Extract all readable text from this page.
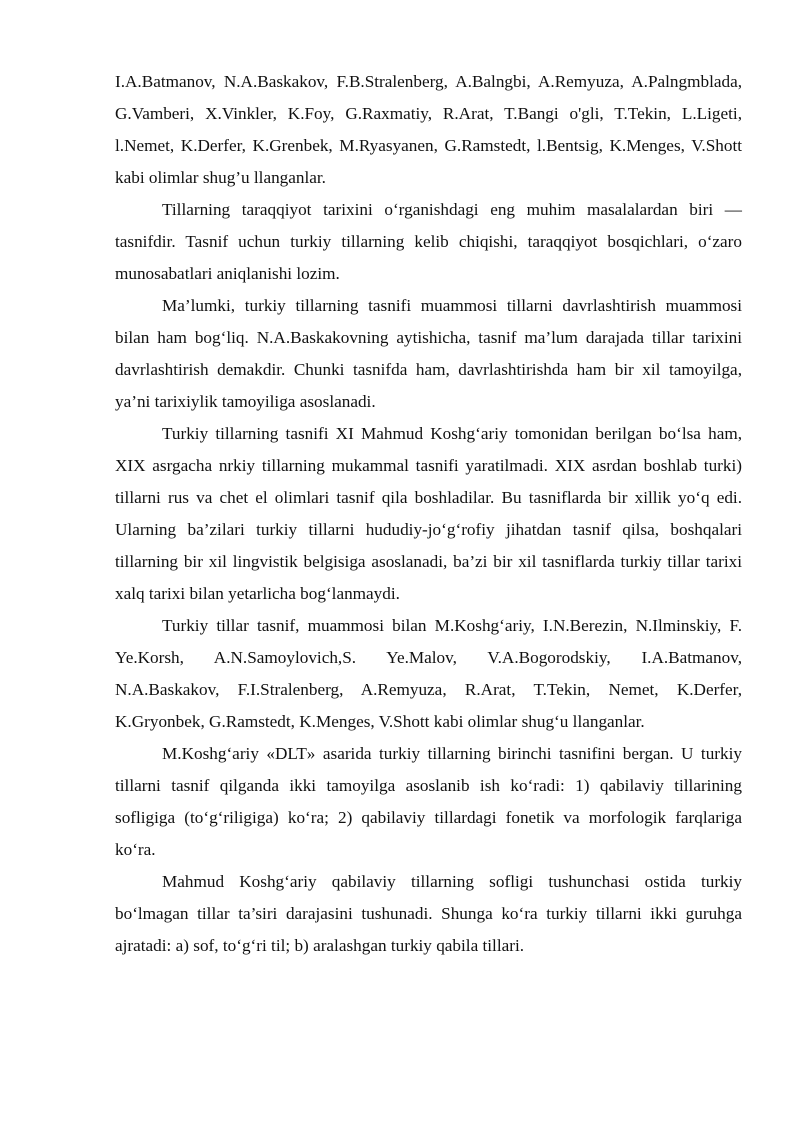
I.A.Batmanov, N.A.Baskakov, F.B.Stralenberg, A.Balngbi, A.Remyuza, A.Palngmblada, G.Vamberi, X.Vinkler, K.Foy, G.Raxmatiy, R.Arat, T.Bangi o'gli, T.Tekin, L.Ligeti, l.Nemet, K.Derfer, K.Grenbek, M.Ryasyanen, G.Ramstedt, l.Bentsig, K.Menges, V.Shott kabi olimlar shug’u llanganlar.

Tillarning taraqqiyot tarixini o‘rganishdagi eng muhim masalalardan biri — tasnifdir. Tasnif uchun turkiy tillarning kelib chiqishi, taraqqiyot bosqichlari, o‘zaro munosabatlari aniqlanishi lozim.

Ma’lumki, turkiy tillarning tasnifi muammosi tillarni davrlashtirish muammosi bilan ham bog‘liq. N.A.Baskakovning aytishicha, tasnif ma’lum darajada tillar tarixini davrlashtirish demakdir. Chunki tasnifda ham, davrlashtirishda ham bir xil tamoyilga, ya’ni tarixiylik tamoyiliga asoslanadi.

Turkiy tillarning tasnifi XI Mahmud Koshg‘ariy tomonidan berilgan bo‘lsa ham, XIX asrgacha nrkiy tillarning mukammal tasnifi yaratilmadi. XIX asrdan boshlab turki) tillarni rus va chet el olimlari tasnif qila boshladilar. Bu tasniflarda bir xillik yo‘q edi. Ularning ba’zilari turkiy tillarni hududiy-jo‘g‘rofiy jihatdan tasnif qilsa, boshqalari tillarning bir xil lingvistik belgisiga asoslanadi, ba’zi bir xil tasniflarda turkiy tillar tarixi xalq tarixi bilan yetarlicha bog‘lanmaydi.

Turkiy tillar tasnif, muammosi bilan M.Koshg‘ariy, I.N.Berezin, N.Ilminskiy, F. Ye.Korsh, A.N.Samoylovich,S. Ye.Malov, V.A.Bogorodskiy, I.A.Batmanov, N.A.Baskakov, F.I.Stralenberg, A.Remyuza, R.Arat, T.Tekin, Nemet, K.Derfer, K.Gryonbek, G.Ramstedt, K.Menges, V.Shott kabi olimlar shug‘u llanganlar.

M.Koshg‘ariy «DLT» asarida turkiy tillarning birinchi tasnifini bergan. U turkiy tillarni tasnif qilganda ikki tamoyilga asoslanib ish ko‘radi: 1) qabilaviy tillarining sofligiga (to‘g‘riligiga) ko‘ra; 2) qabilaviy tillardagi fonetik va morfologik farqlariga ko‘ra.

Mahmud Koshg‘ariy qabilaviy tillarning sofligi tushunchasi ostida turkiy bo‘lmagan tillar ta’siri darajasini tushunadi. Shunga ko‘ra turkiy tillarni ikki guruhga ajratadi: a) sof, to‘g‘ri til; b) aralashgan turkiy qabila tillari.
